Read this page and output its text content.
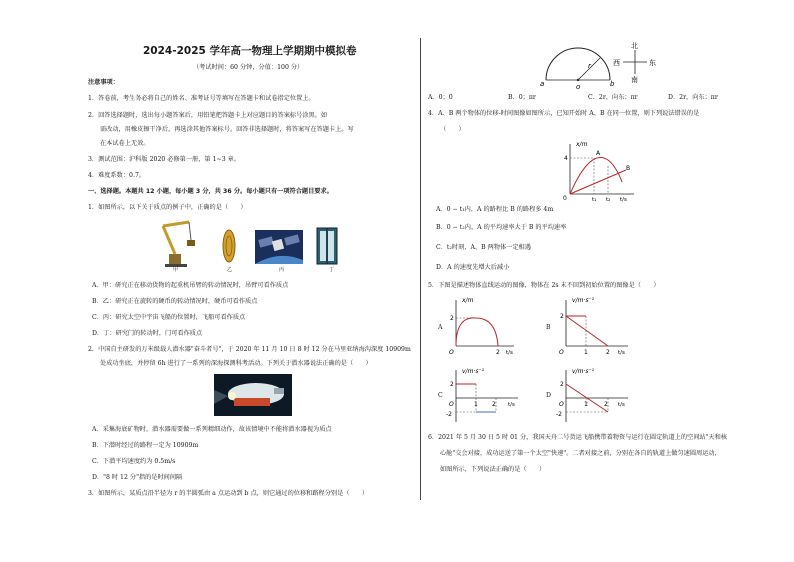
2024-2025 学年高一物理上学期期中模拟卷
（考试时间：60 分钟，分值：100 分）
注意事项：
1．答卷前，考生务必将自己的姓名、准考证号等填写在答题卡和试卷指定位置上。
2．回答选择题时，选出每小题答案后，用铅笔把答题卡上对应题目的答案标号涂黑。如
需改动，用橡皮擦干净后，再选涂其他答案标号。回答非选择题时，将答案写在答题卡上。写
在本试卷上无效。
3．测试范围：沪科版 2020 必修第一册，第 1~3 章。
4．难度系数：0.7。
一、选择题。本题共 12 小题，每小题 3 分，共 36 分。每小题只有一项符合题目要求。
1．如图所示，以下关于质点的例子中，正确的是（　　）
甲	乙	丙	丁
A．甲：研究正在移动货物的起重机吊臂的转动情况时，吊臂可看作质点
B．乙：研究正在旋转的硬币的转动情况时，硬币可看作质点
C．丙：研究太空中宇宙飞船的位置时，飞船可看作质点
D．丁：研究门的转动时，门可看作质点
2．中国自主研发的万米级载人潜水器"奋斗者号"，于 2020 年 11 月 10 日 8 时 12 分在马里亚纳海沟深度 10909m
处成功坐底，并停留 6h 进行了一系列的深海探测科考活动。下列关于潜水器说法正确的是（　　）
A．采集海底矿物时，潜水器需要做一系列精细动作，故该情境中不能将潜水器视为质点
B．下潜时经过的路程一定为 10909m
C．下潜平均速度约为 0.5m/s
D．"8 时 12 分"指的是时间间隔
3．如图所示，某质点沿半径为 r 的半圆弧由 a 点运动到 b 点，则它通过的位移和路程分别是（　　）
a	b
o
r
北
南
东
西
A．0；0	B．0；πr	C．2r，向东；πr	D．2r，向东；πr
4．A、B 两个物体的位移-时间图像如图所示，已知开始时 A、B 在同一位置，则下列说法错误的是
（　　）
x/m
4
0	t₁ t₂ t/s
A
B
A．0 − t₁内，A 的路程比 B 的路程多 4m
B．0 − t₂内，A 的平均速率大于 B 的平均速率
C．t₂时刻，A、B 两物体一定相遇
D．A 的速度先增大后减小
5．下图是描述物体直线运动的图像，物体在 2s 末不回到初始位置的图像是（　　）
A
x/m
2
2 t/s
O
B
v/m·s⁻¹
2
1	2 t/s
O
C
v/m·s⁻¹
2
-2
1 2 t/s
O
D
v/m·s⁻¹
2
-2
1	2 t/s
O
6．2021 年 5 月 30 日 5 时 01 分，我国天舟二号货运飞船携带着物资与运行在圆定轨道上的空间站"天和核
心舱"交会对接，成功运送了第一个太空"快递"。二者对接之前，分别在各自的轨道上做匀速圆周运动，
如图所示，下列说法正确的是（　　）
